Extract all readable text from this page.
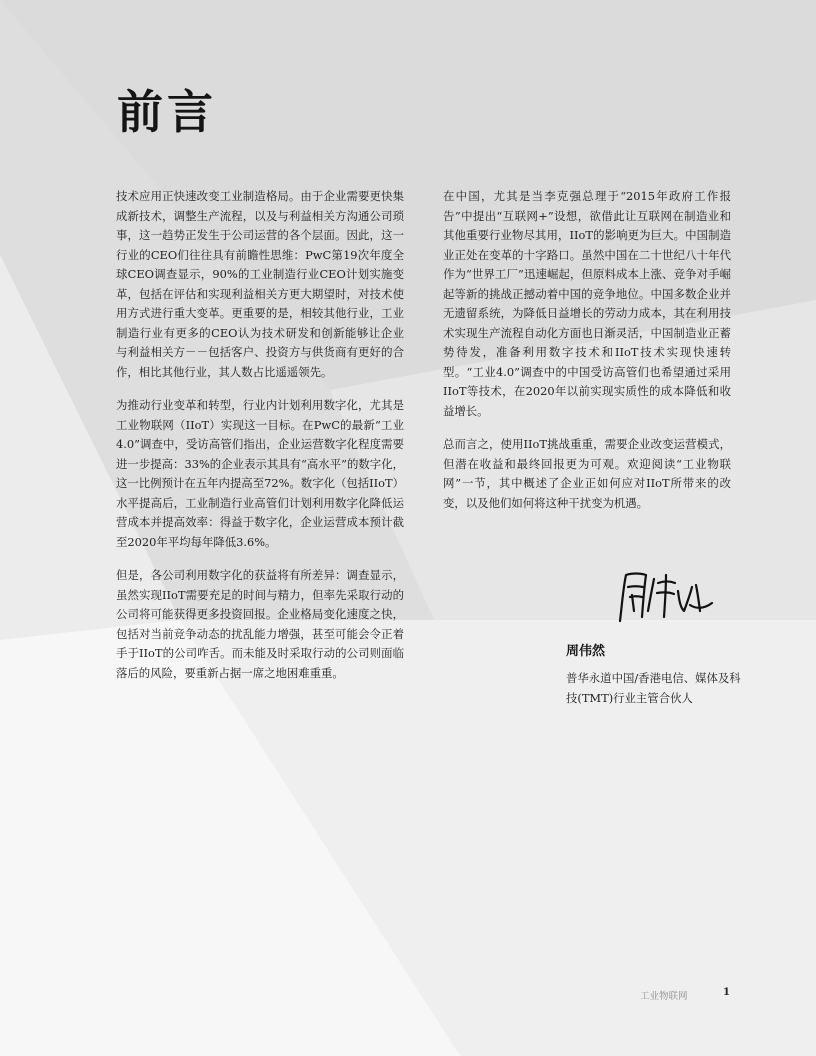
前言

技术应用正快速改变工业制造格局。由于企业需要更快集成新技术，调整生产流程，以及与利益相关方沟通公司琐事，这一趋势正发生于公司运营的各个层面。因此，这一行业的CEO们往往具有前瞻性思维：PwC第19次年度全球CEO调查显示，90%的工业制造行业CEO计划实施变革，包括在评估和实现利益相关方更大期望时，对技术使用方式进行重大变革。更重要的是，相较其他行业，工业制造行业有更多的CEO认为技术研发和创新能够让企业与利益相关方－－包括客户、投资方与供货商有更好的合作，相比其他行业，其人数占比遥遥领先。

为推动行业变革和转型，行业内计划利用数字化，尤其是工业物联网（IIoT）实现这一目标。在PwC的最新“工业4.0”调查中，受访高管们指出，企业运营数字化程度需要进一步提高：33%的企业表示其具有“高水平”的数字化，这一比例预计在五年内提高至72%。数字化（包括IIoT）水平提高后，工业制造行业高管们计划利用数字化降低运营成本并提高效率：得益于数字化，企业运营成本预计截至2020年平均每年降低3.6%。

但是，各公司利用数字化的获益将有所差异：调查显示，虽然实现IIoT需要充足的时间与精力，但率先采取行动的公司将可能获得更多投资回报。企业格局变化速度之快，包括对当前竞争动态的扰乱能力增强，甚至可能会令正着手于IIoT的公司咋舌。而未能及时采取行动的公司则面临落后的风险，要重新占据一席之地困难重重。

在中国，尤其是当李克强总理于“2015年政府工作报告”中提出“互联网+”设想，欲借此让互联网在制造业和其他重要行业物尽其用，IIoT的影响更为巨大。中国制造业正处在变革的十字路口。虽然中国在二十世纪八十年代作为“世界工厂”迅速崛起，但原料成本上涨、竞争对手崛起等新的挑战正撼动着中国的竞争地位。中国多数企业并无遗留系统，为降低日益增长的劳动力成本，其在利用技术实现生产流程自动化方面也日渐灵活，中国制造业正蓄势待发，准备利用数字技术和IIoT技术实现快速转型。“工业4.0”调查中的中国受访高管们也希望通过采用IIoT等技术，在2020年以前实现实质性的成本降低和收益增长。

总而言之，使用IIoT挑战重重，需要企业改变运营模式，但潜在收益和最终回报更为可观。欢迎阅读“工业物联网”一节，其中概述了企业正如何应对IIoT所带来的改变，以及他们如何将这种干扰变为机遇。

周伟然

普华永道中国/香港电信、媒体及科技(TMT)行业主管合伙人

工业物联网	1
